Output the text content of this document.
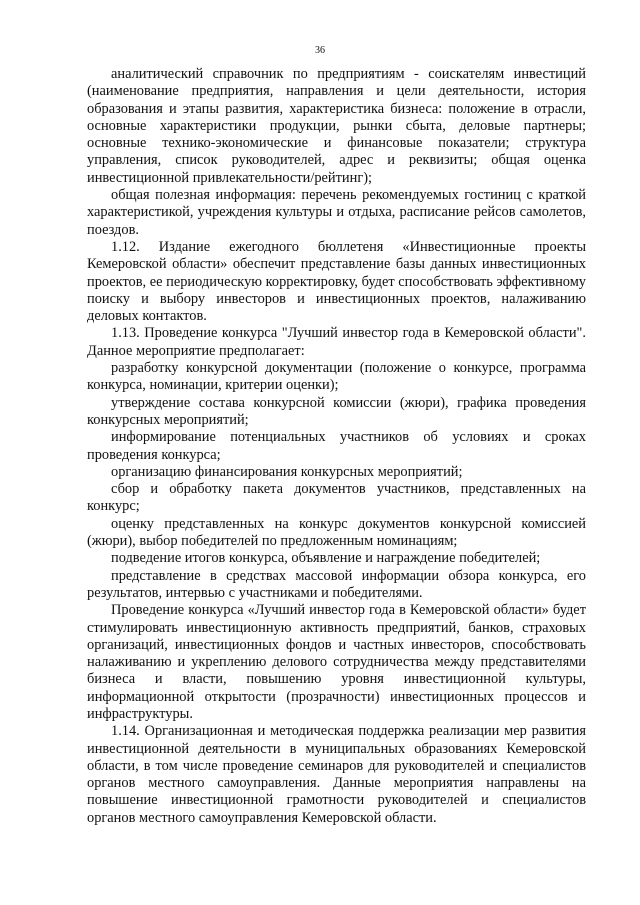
36

аналитический справочник по предприятиям - соискателям инвестиций (наименование предприятия, направления и цели деятельности, история образования и этапы развития, характеристика бизнеса: положение в отрасли, основные характеристики продукции, рынки сбыта, деловые партнеры; основные технико-экономические и финансовые показатели; структура управления, список руководителей, адрес и реквизиты; общая оценка инвестиционной привлекательности/рейтинг);

общая полезная информация: перечень рекомендуемых гостиниц с краткой характеристикой, учреждения культуры и отдыха, расписание рейсов самолетов, поездов.

1.12. Издание ежегодного бюллетеня «Инвестиционные проекты Кемеровской области» обеспечит представление базы данных инвестиционных проектов, ее периодическую корректировку, будет способствовать эффективному поиску и выбору инвесторов и инвестиционных проектов, налаживанию деловых контактов.

1.13. Проведение конкурса "Лучший инвестор года в Кемеровской области". Данное мероприятие предполагает:

разработку конкурсной документации (положение о конкурсе, программа конкурса, номинации, критерии оценки);

утверждение состава конкурсной комиссии (жюри), графика проведения конкурсных мероприятий;

информирование потенциальных участников об условиях и сроках проведения конкурса;

организацию финансирования конкурсных мероприятий;

сбор и обработку пакета документов участников, представленных на конкурс;

оценку представленных на конкурс документов конкурсной комиссией (жюри), выбор победителей по предложенным номинациям;

подведение итогов конкурса, объявление и награждение победителей;

представление в средствах массовой информации обзора конкурса, его результатов, интервью с участниками и победителями.

Проведение конкурса «Лучший инвестор года в Кемеровской области» будет стимулировать инвестиционную активность предприятий, банков, страховых организаций, инвестиционных фондов и частных инвесторов, способствовать налаживанию и укреплению делового сотрудничества между представителями бизнеса и власти, повышению уровня инвестиционной культуры, информационной открытости (прозрачности) инвестиционных процессов и инфраструктуры.

1.14. Организационная и методическая поддержка реализации мер развития инвестиционной деятельности в муниципальных образованиях Кемеровской области, в том числе проведение семинаров для руководителей и специалистов органов местного самоуправления. Данные мероприятия направлены на повышение инвестиционной грамотности руководителей и специалистов органов местного самоуправления Кемеровской области.
